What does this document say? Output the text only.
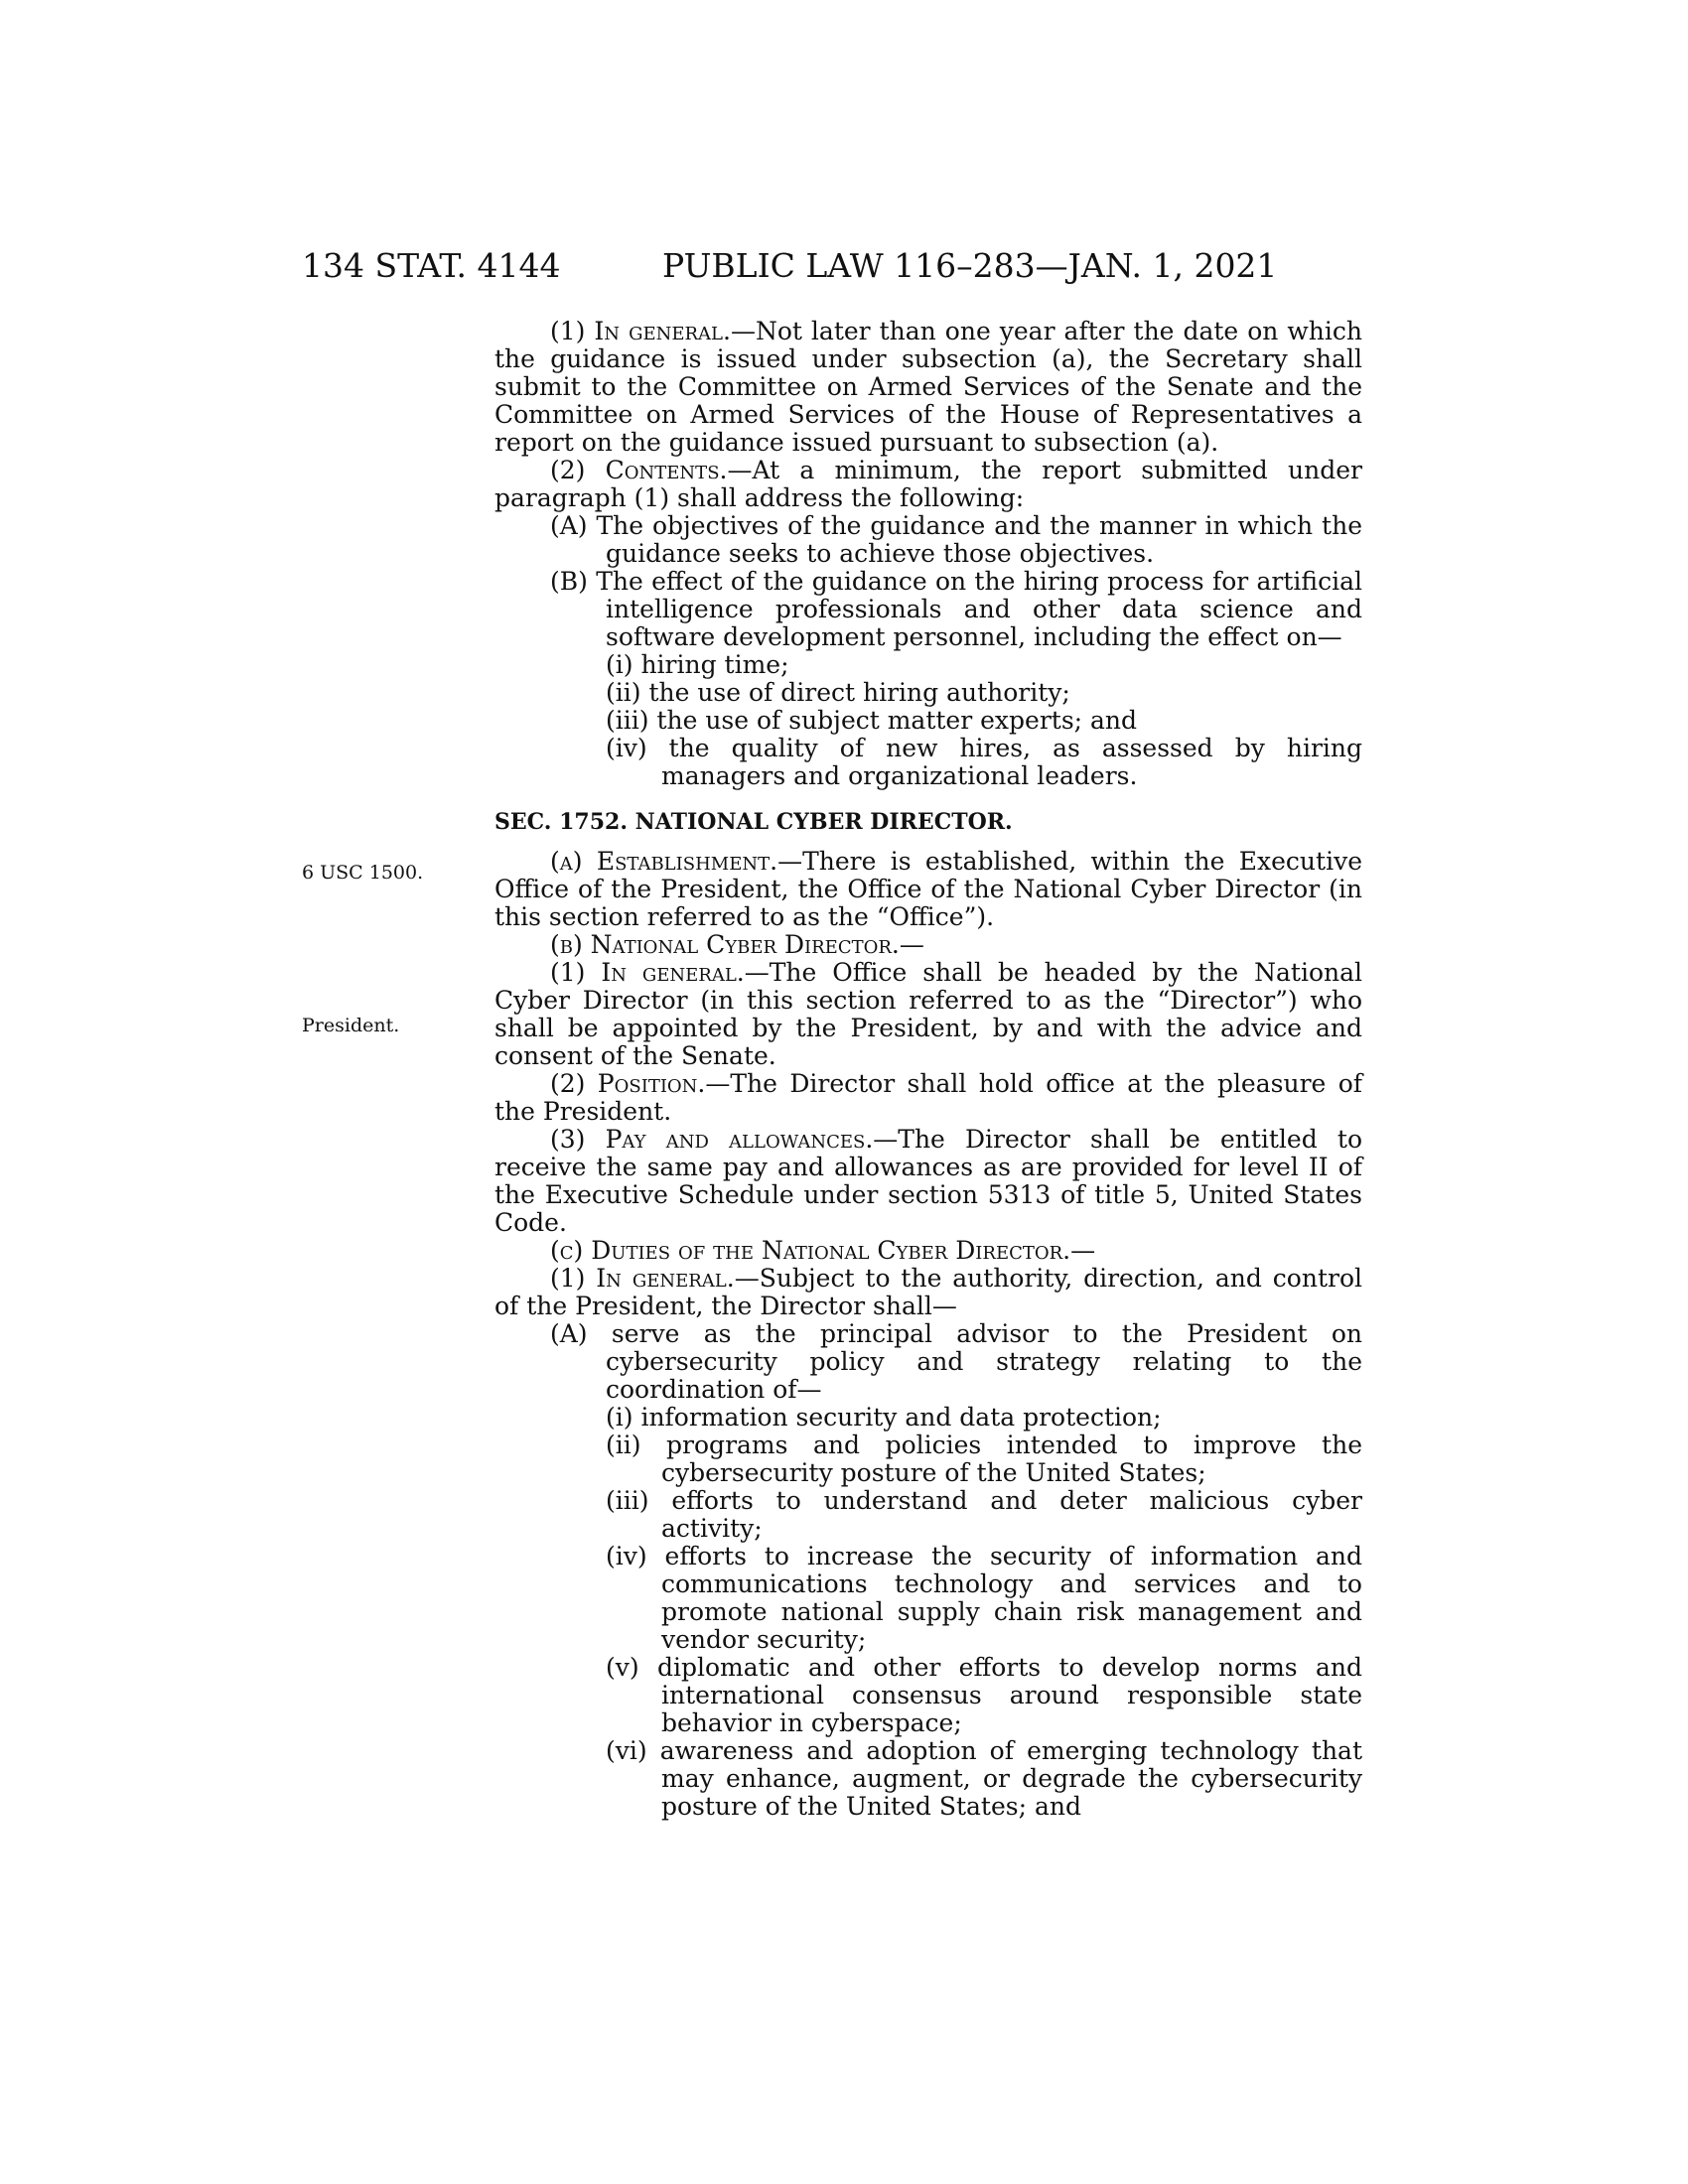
134 STAT. 4144	PUBLIC LAW 116–283—JAN. 1, 2021
6 USC 1500.
President.

(1) In general.—Not later than one year after the date on which the guidance is issued under subsection (a), the Secretary shall submit to the Committee on Armed Services of the Senate and the Committee on Armed Services of the House of Representatives a report on the guidance issued pursuant to subsection (a).

(2) Contents.—At a minimum, the report submitted under paragraph (1) shall address the following:

(A) The objectives of the guidance and the manner in which the guidance seeks to achieve those objectives.

(B) The effect of the guidance on the hiring process for artificial intelligence professionals and other data science and software development personnel, including the effect on—

(i) hiring time;

(ii) the use of direct hiring authority;

(iii) the use of subject matter experts; and

(iv) the quality of new hires, as assessed by hiring managers and organizational leaders.

SEC. 1752. NATIONAL CYBER DIRECTOR.

(a) Establishment.—There is established, within the Executive Office of the President, the Office of the National Cyber Director (in this section referred to as the “Office”).

(b) National Cyber Director.—

(1) In general.—The Office shall be headed by the National Cyber Director (in this section referred to as the “Director”) who shall be appointed by the President, by and with the advice and consent of the Senate.

(2) Position.—The Director shall hold office at the pleasure of the President.

(3) Pay and allowances.—The Director shall be entitled to receive the same pay and allowances as are provided for level II of the Executive Schedule under section 5313 of title 5, United States Code.

(c) Duties of the National Cyber Director.—

(1) In general.—Subject to the authority, direction, and control of the President, the Director shall—

(A) serve as the principal advisor to the President on cybersecurity policy and strategy relating to the coordination of—

(i) information security and data protection;

(ii) programs and policies intended to improve the cybersecurity posture of the United States;

(iii) efforts to understand and deter malicious cyber activity;

(iv) efforts to increase the security of information and communications technology and services and to promote national supply chain risk management and vendor security;

(v) diplomatic and other efforts to develop norms and international consensus around responsible state behavior in cyberspace;

(vi) awareness and adoption of emerging technology that may enhance, augment, or degrade the cybersecurity posture of the United States; and
